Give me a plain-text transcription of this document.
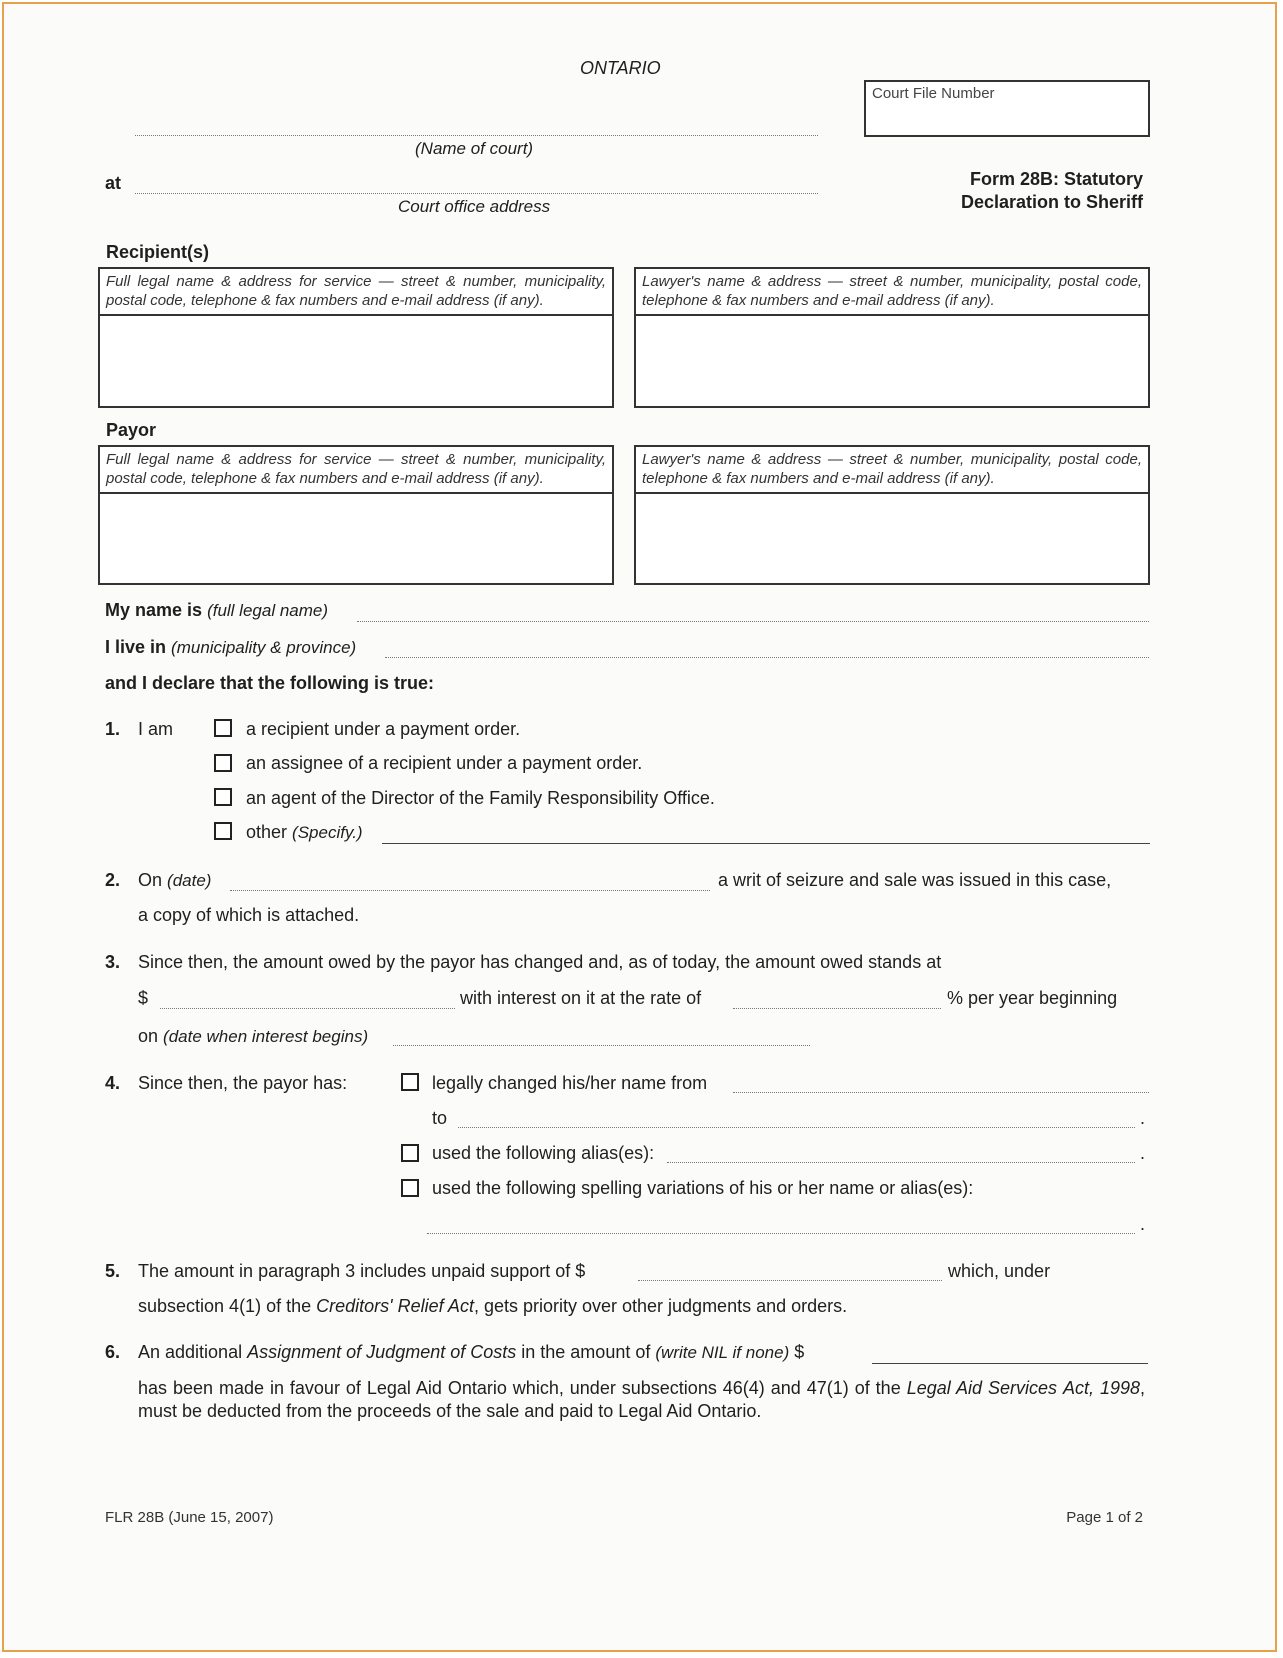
ONTARIO
Court File Number
(Name of court)
at
Court office address
Form 28B: Statutory
Declaration to Sheriff
Recipient(s)
Full legal name & address for service — street & number, municipality, postal code, telephone & fax numbers and e-mail address (if any).
Lawyer's name & address — street & number, municipality, postal code, telephone & fax numbers and e-mail address (if any).
Payor
Full legal name & address for service — street & number, municipality, postal code, telephone & fax numbers and e-mail address (if any).
Lawyer's name & address — street & number, municipality, postal code, telephone & fax numbers and e-mail address (if any).
My name is (full legal name)
I live in (municipality & province)
and I declare that the following is true:
1. I am	a recipient under a payment order.
an assignee of a recipient under a payment order.
an agent of the Director of the Family Responsibility Office.
other (Specify.)
2. On (date)	a writ of seizure and sale was issued in this case,
a copy of which is attached.
3. Since then, the amount owed by the payor has changed and, as of today, the amount owed stands at
$	with interest on it at the rate of	% per year beginning
on (date when interest begins)
4. Since then, the payor has:	legally changed his/her name from
to	.
used the following alias(es):	.
used the following spelling variations of his or her name or alias(es):
.
5. The amount in paragraph 3 includes unpaid support of $	which, under
subsection 4(1) of the Creditors' Relief Act, gets priority over other judgments and orders.
6. An additional Assignment of Judgment of Costs in the amount of (write NIL if none) $
has been made in favour of Legal Aid Ontario which, under subsections 46(4) and 47(1) of the Legal Aid Services Act, 1998, must be deducted from the proceeds of the sale and paid to Legal Aid Ontario.
FLR 28B (June 15, 2007)	Page 1 of 2
